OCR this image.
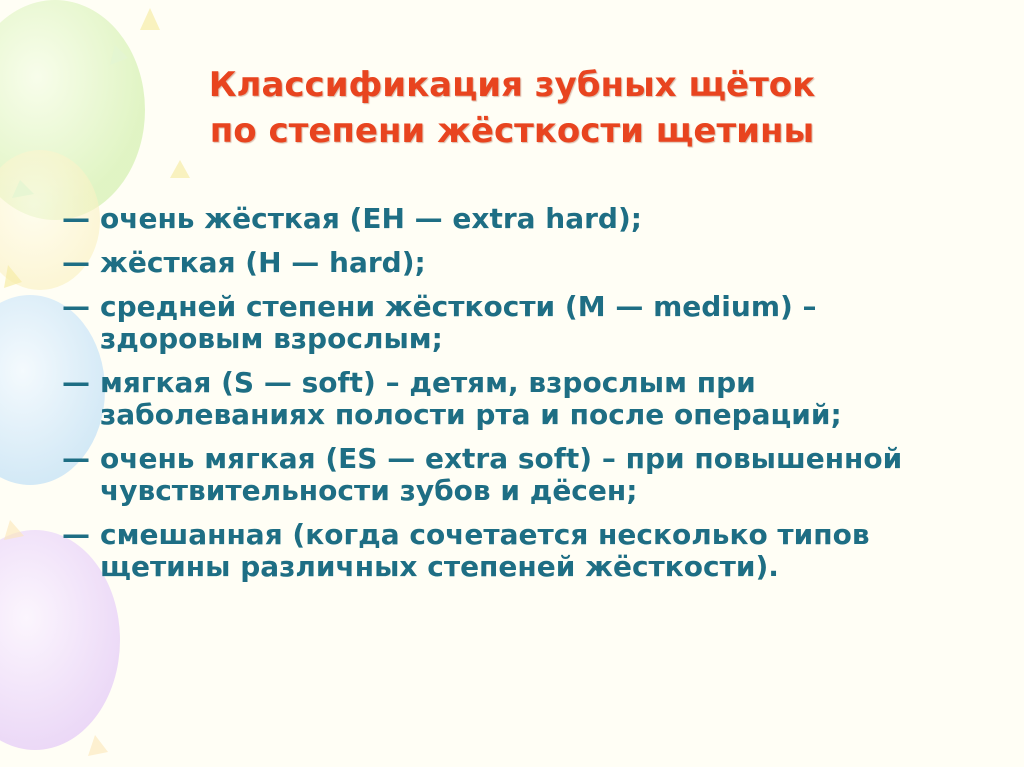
Классификация зубных щёток
по степени жёсткости щетины
— очень жёсткая (ЕН — extra hard);
— жёсткая (Н — hard);
— средней степени жёсткости (М — medium) – здоровым взрослым;
— мягкая (S — soft) – детям, взрослым при заболеваниях полости рта и после операций;
— очень мягкая (ES — extra soft) – при повышенной чувствительности зубов и дёсен;
— смешанная (когда сочетается несколько типов щетины различных степеней жёсткости).
